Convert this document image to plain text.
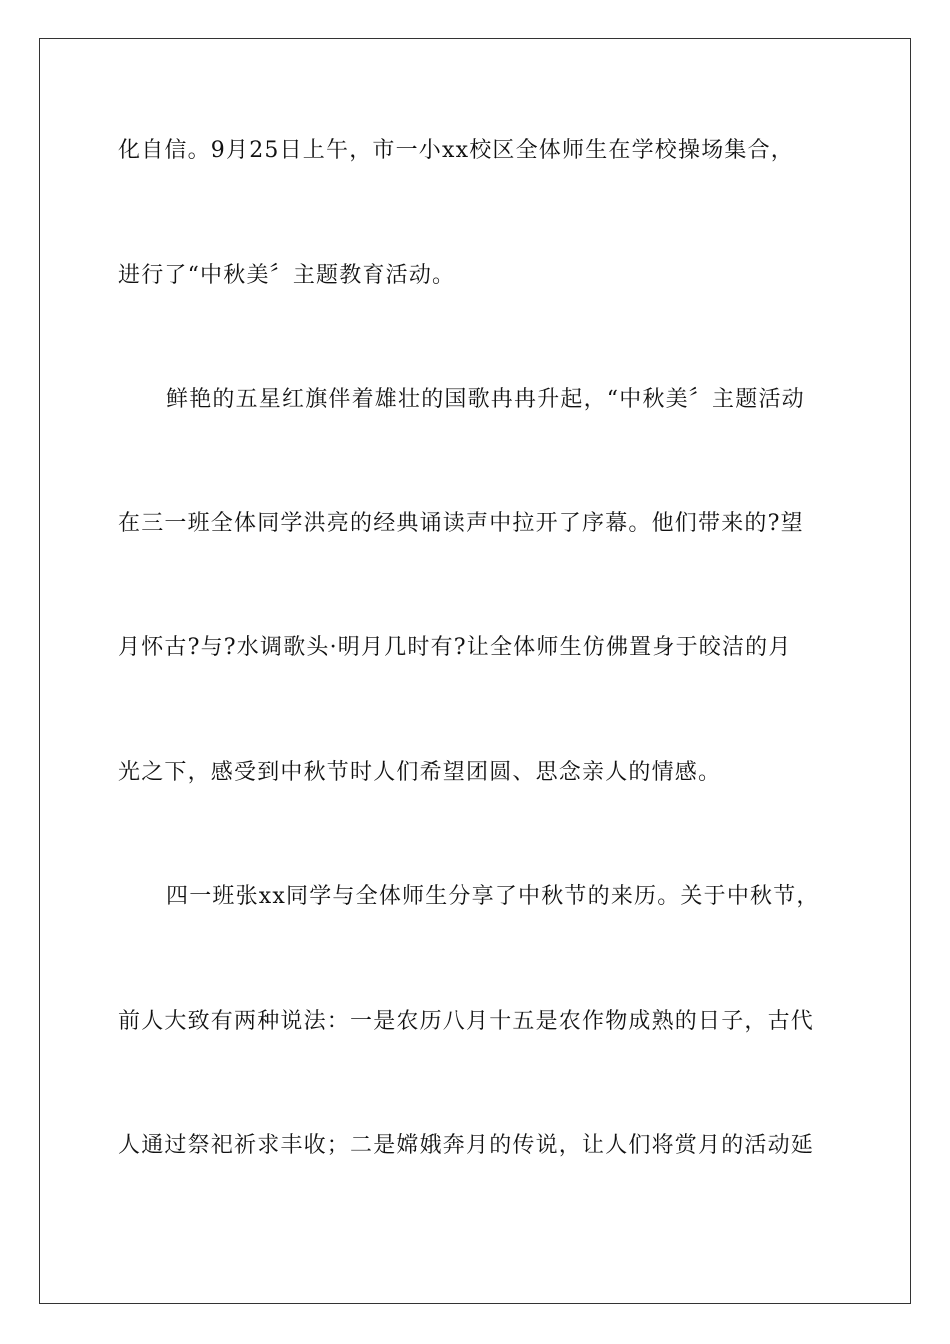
化自信。9月25日上午，市一小xx校区全体师生在学校操场集合，
进行了“中秋美〞主题教育活动。
鲜艳的五星红旗伴着雄壮的国歌冉冉升起，“中秋美〞主题活动
在三一班全体同学洪亮的经典诵读声中拉开了序幕。他们带来的?望
月怀古?与?水调歌头·明月几时有?让全体师生仿佛置身于皎洁的月
光之下，感受到中秋节时人们希望团圆、思念亲人的情感。
四一班张xx同学与全体师生分享了中秋节的来历。关于中秋节，
前人大致有两种说法：一是农历八月十五是农作物成熟的日子，古代
人通过祭祀祈求丰收；二是嫦娥奔月的传说，让人们将赏月的活动延
